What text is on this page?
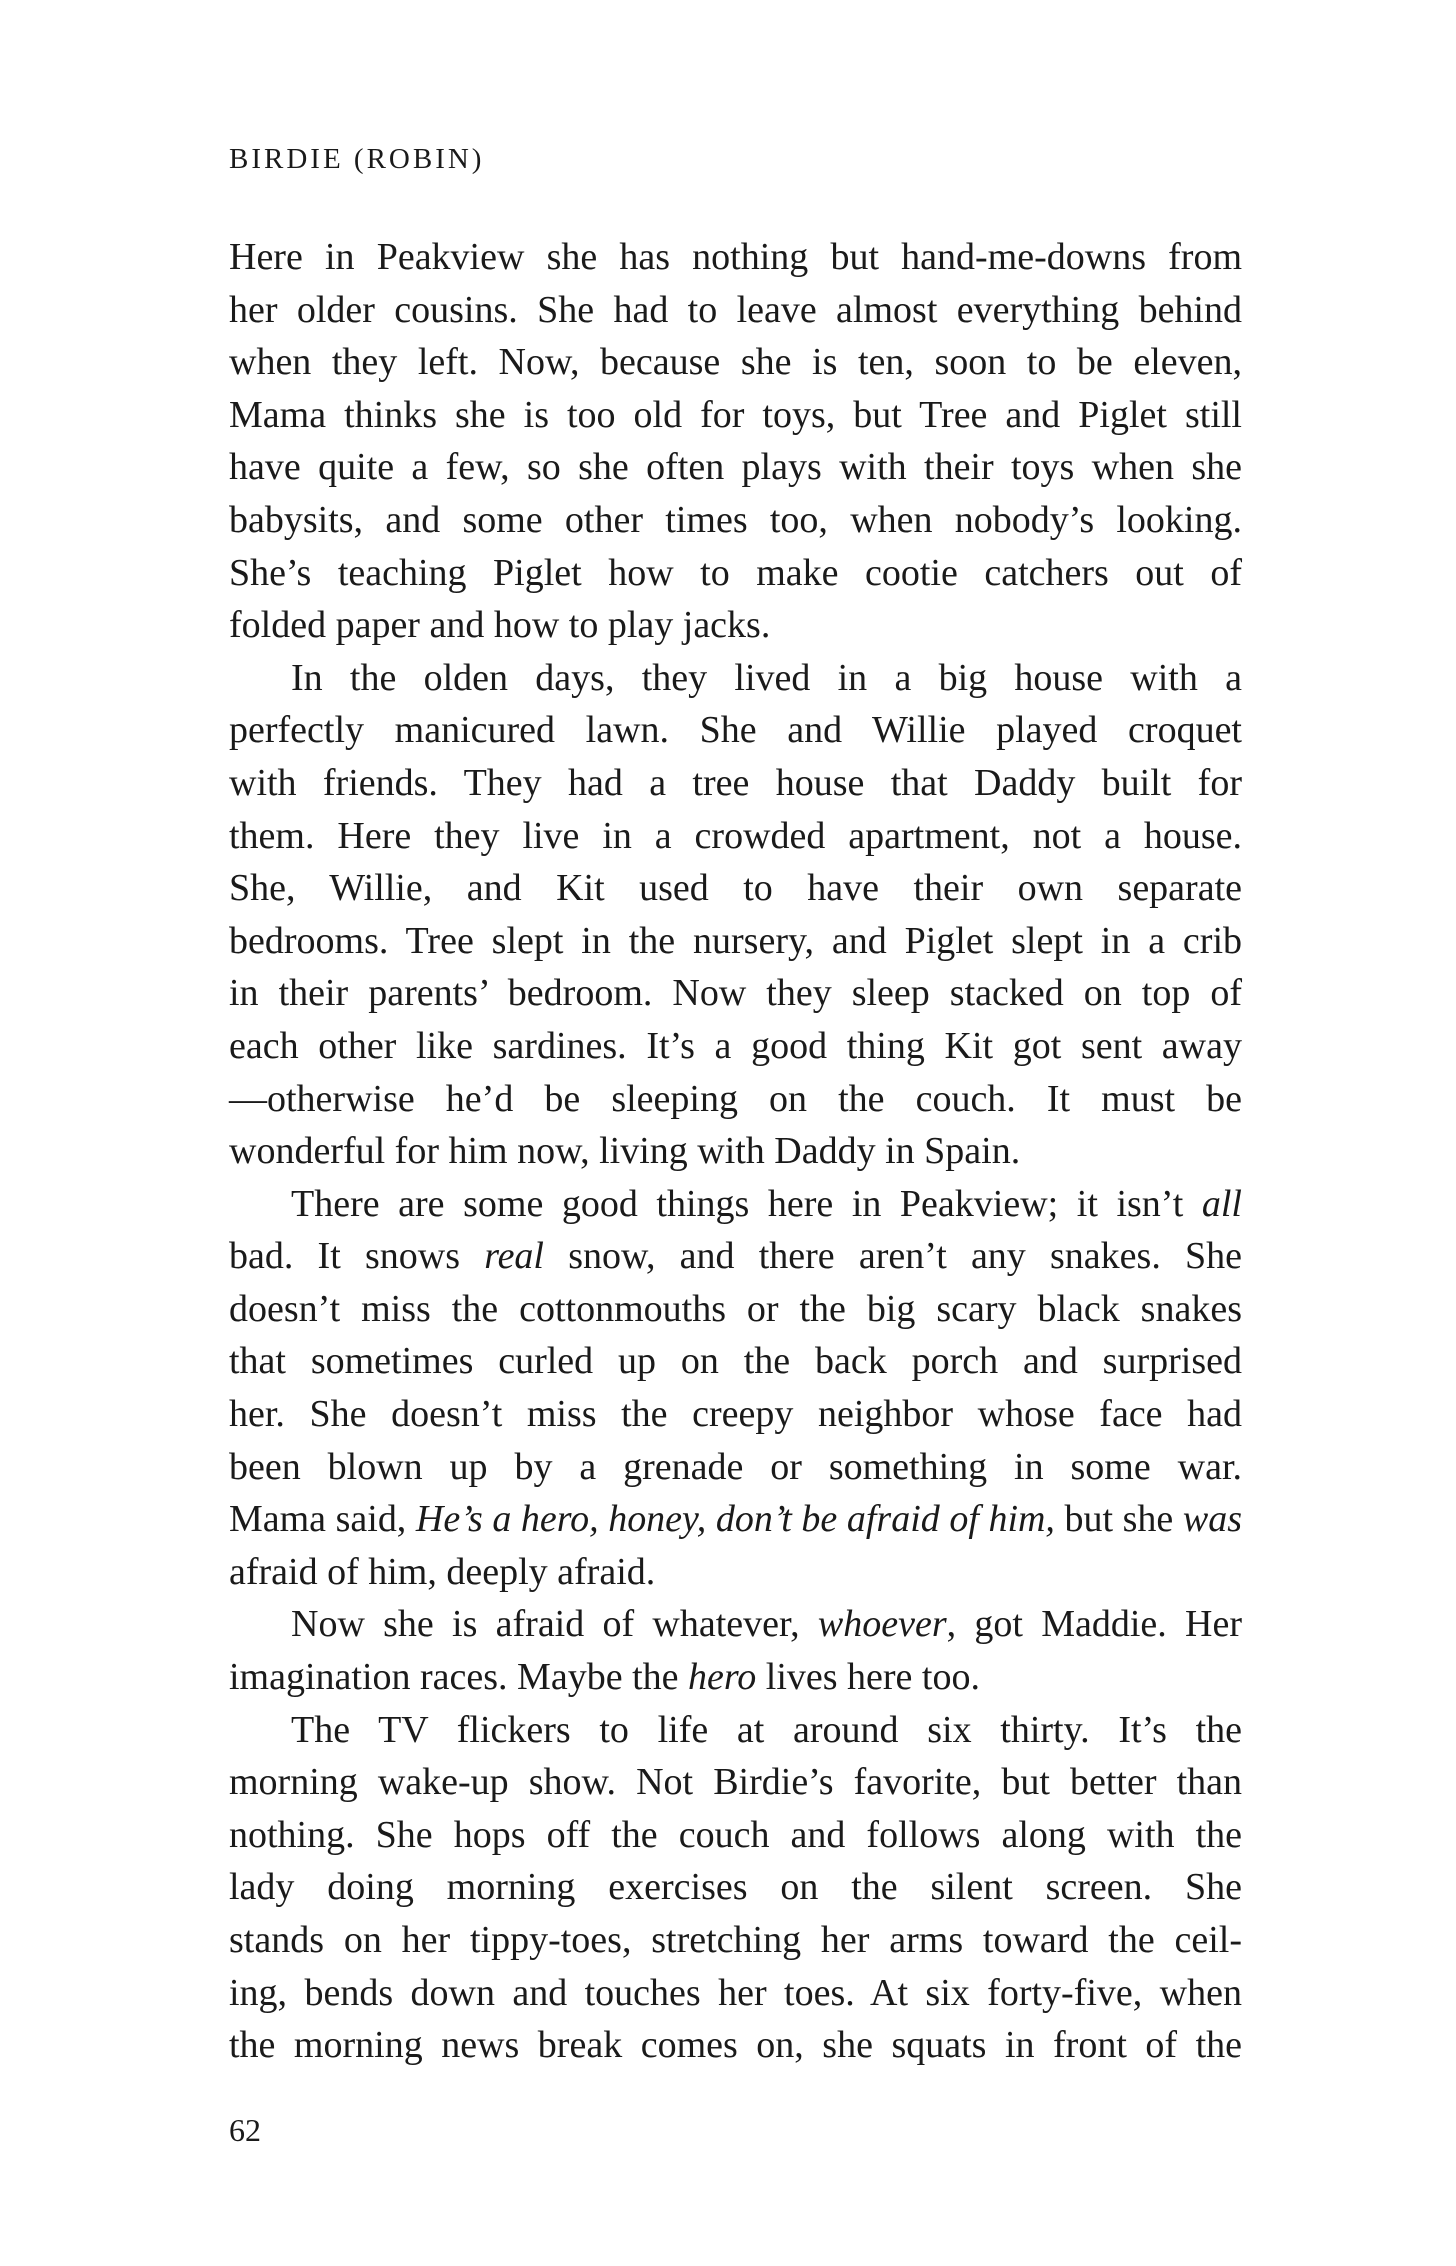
BIRDIE (ROBIN)
Here in Peakview she has nothing but hand-me-downs from
her older cousins. She had to leave almost everything behind
when they left. Now, because she is ten, soon to be eleven,
Mama thinks she is too old for toys, but Tree and Piglet still
have quite a few, so she often plays with their toys when she
babysits, and some other times too, when nobody’s looking.
She’s teaching Piglet how to make cootie catchers out of
folded paper and how to play jacks.
In the olden days, they lived in a big house with a
perfectly manicured lawn. She and Willie played croquet
with friends. They had a tree house that Daddy built for
them. Here they live in a crowded apartment, not a house.
She, Willie, and Kit used to have their own separate
bedrooms. Tree slept in the nursery, and Piglet slept in a crib
in their parents’ bedroom. Now they sleep stacked on top of
each other like sardines. It’s a good thing Kit got sent away
—otherwise he’d be sleeping on the couch. It must be
wonderful for him now, living with Daddy in Spain.
There are some good things here in Peakview; it isn’t all
bad. It snows real snow, and there aren’t any snakes. She
doesn’t miss the cottonmouths or the big scary black snakes
that sometimes curled up on the back porch and surprised
her. She doesn’t miss the creepy neighbor whose face had
been blown up by a grenade or something in some war.
Mama said, He’s a hero, honey, don’t be afraid of him, but she was
afraid of him, deeply afraid.
Now she is afraid of whatever, whoever, got Maddie. Her
imagination races. Maybe the hero lives here too.
The TV flickers to life at around six thirty. It’s the
morning wake-up show. Not Birdie’s favorite, but better than
nothing. She hops off the couch and follows along with the
lady doing morning exercises on the silent screen. She
stands on her tippy-toes, stretching her arms toward the ceil-
ing, bends down and touches her toes. At six forty-five, when
the morning news break comes on, she squats in front of the
62
